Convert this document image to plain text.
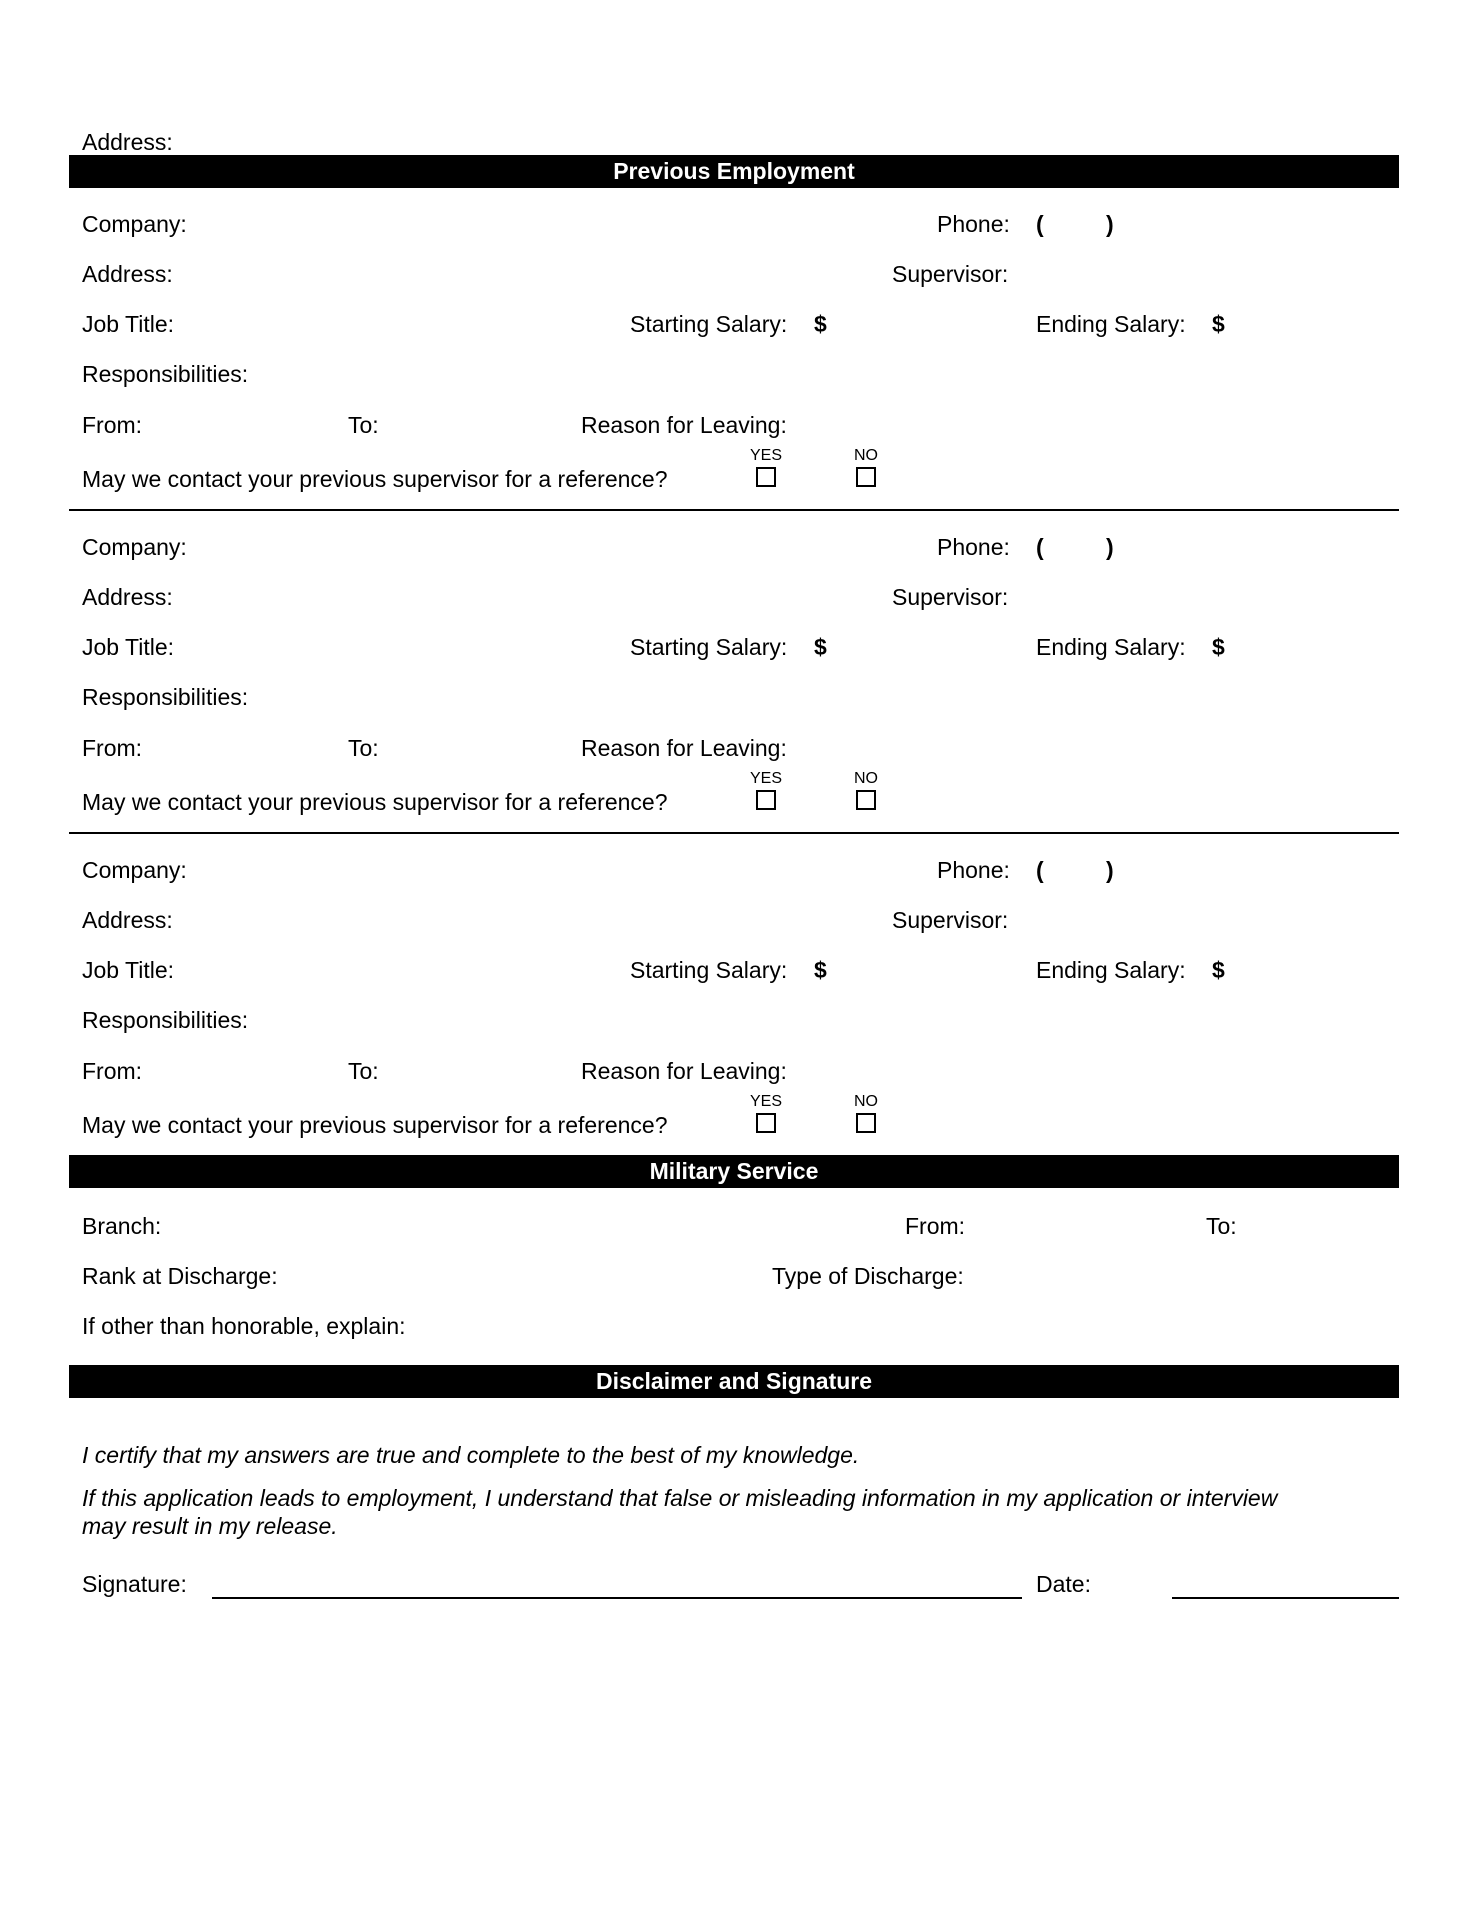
Address:
Previous Employment
Company:	Phone: (	)
Address:	Supervisor:
Job Title:	Starting Salary: $	Ending Salary: $
Responsibilities:
From:	To:	Reason for Leaving:
May we contact your previous supervisor for a reference?
YES	NO
Company:	Phone: (	)
Address:	Supervisor:
Job Title:	Starting Salary: $	Ending Salary: $
Responsibilities:
From:	To:	Reason for Leaving:
May we contact your previous supervisor for a reference?
YES	NO
Company:	Phone: (	)
Address:	Supervisor:
Job Title:	Starting Salary: $	Ending Salary: $
Responsibilities:
From:	To:	Reason for Leaving:
May we contact your previous supervisor for a reference?
YES	NO
Military Service
Branch:	From:	To:
Rank at Discharge:	Type of Discharge:
If other than honorable, explain:
Disclaimer and Signature
I certify that my answers are true and complete to the best of my knowledge.
If this application leads to employment, I understand that false or misleading information in my application or interview
may result in my release.
Signature:	Date:
